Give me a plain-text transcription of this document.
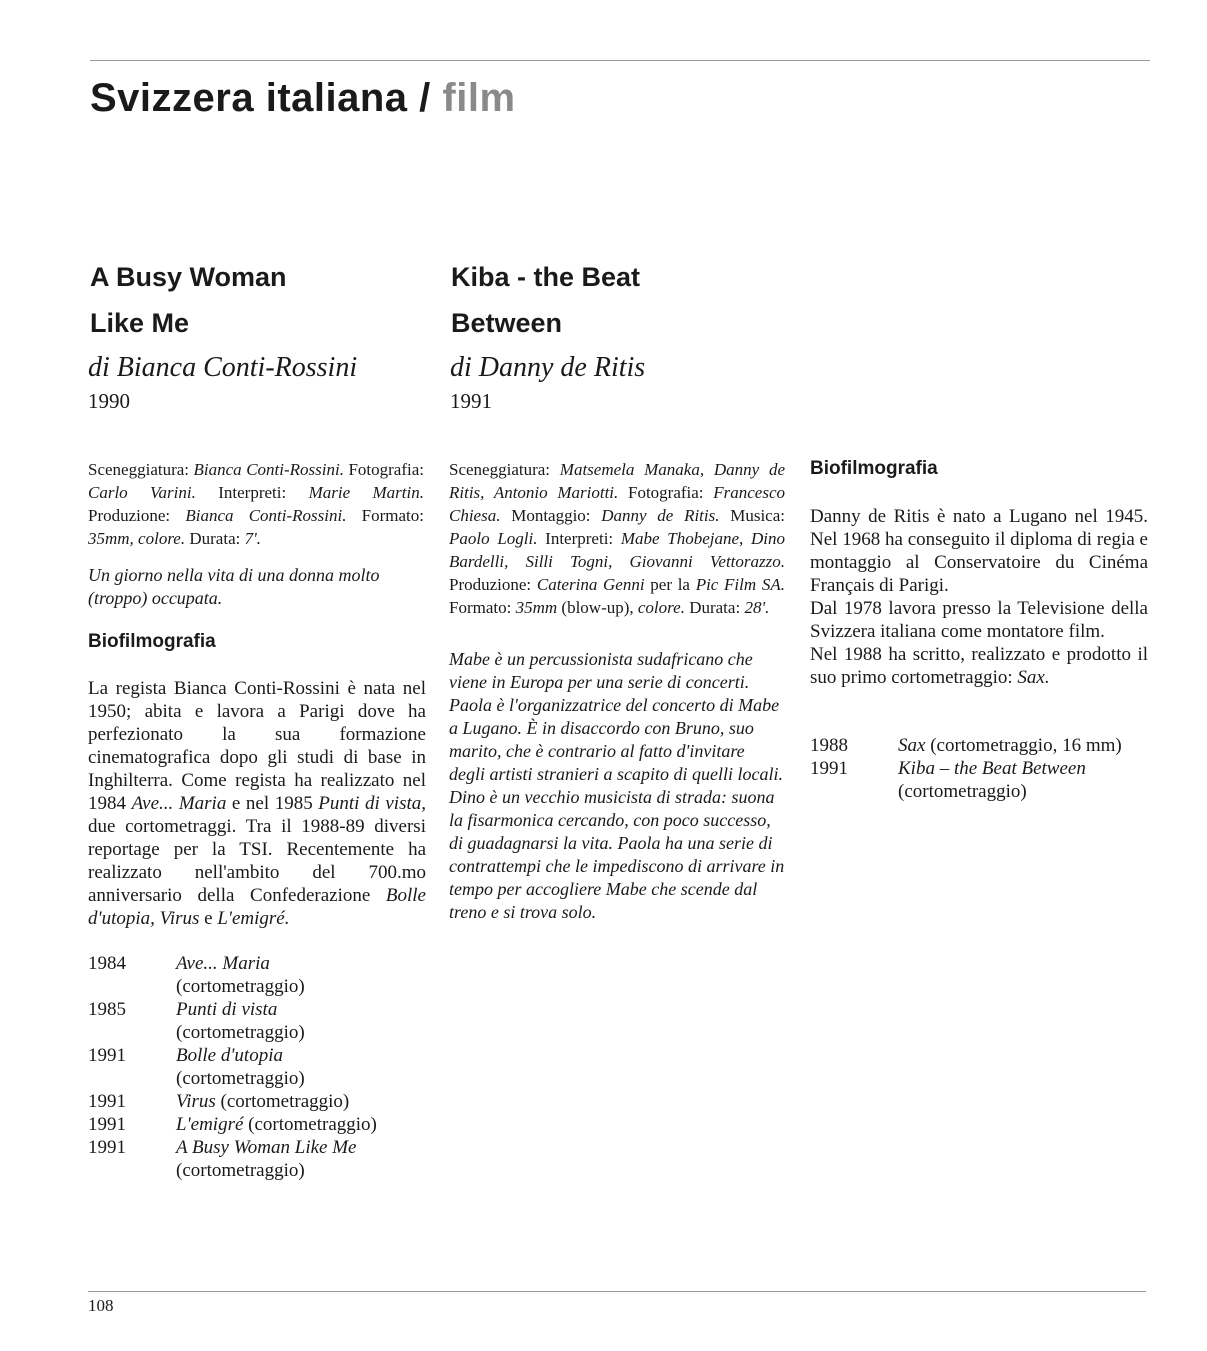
Svizzera italiana / film
A Busy Woman
Like Me
di Bianca Conti-Rossini
1990
Sceneggiatura: Bianca Conti-Rossini. Fotografia: Carlo Varini. Interpreti: Marie Martin. Produzione: Bianca Conti-Rossini. Formato: 35mm, colore. Durata: 7'.
Un giorno nella vita di una donna molto (troppo) occupata.
Biofilmografia
La regista Bianca Conti-Rossini è nata nel 1950; abita e lavora a Parigi dove ha perfezionato la sua formazione cinematografica dopo gli studi di base in Inghilterra. Come regista ha realizzato nel 1984 Ave... Maria e nel 1985 Punti di vista, due cortometraggi. Tra il 1988-89 diversi reportage per la TSI. Recentemente ha realizzato nell'ambito del 700.mo anniversario della Confederazione Bolle d'utopia, Virus e L'emigré.
1984	Ave... Maria
(cortometraggio)
1985	Punti di vista
(cortometraggio)
1991	Bolle d'utopia
(cortometraggio)
1991	Virus (cortometraggio)
1991	L'emigré (cortometraggio)
1991	A Busy Woman Like Me
(cortometraggio)
Kiba - the Beat
Between
di Danny de Ritis
1991
Sceneggiatura: Matsemela Manaka, Danny de Ritis, Antonio Mariotti. Fotografia: Francesco Chiesa. Montaggio: Danny de Ritis. Musica: Paolo Logli. Interpreti: Mabe Thobejane, Dino Bardelli, Silli Togni, Giovanni Vettorazzo. Produzione: Caterina Genni per la Pic Film SA. Formato: 35mm (blow-up), colore. Durata: 28'.
Mabe è un percussionista sudafricano che viene in Europa per una serie di concerti. Paola è l'organizzatrice del concerto di Mabe a Lugano. È in disaccordo con Bruno, suo marito, che è contrario al fatto d'invitare degli artisti stranieri a scapito di quelli locali. Dino è un vecchio musicista di strada: suona la fisarmonica cercando, con poco successo, di guadagnarsi la vita. Paola ha una serie di contrattempi che le impediscono di arrivare in tempo per accogliere Mabe che scende dal treno e si trova solo.
Biofilmografia

Danny de Ritis è nato a Lugano nel 1945. Nel 1968 ha conseguito il diploma di regia e montaggio al Conservatoire du Cinéma Français di Parigi.

Dal 1978 lavora presso la Televisione della Svizzera italiana come montatore film.

Nel 1988 ha scritto, realizzato e prodotto il suo primo cortometraggio: Sax.

1988	Sax (cortometraggio, 16 mm)
1991	Kiba – the Beat Between
(cortometraggio)
108
